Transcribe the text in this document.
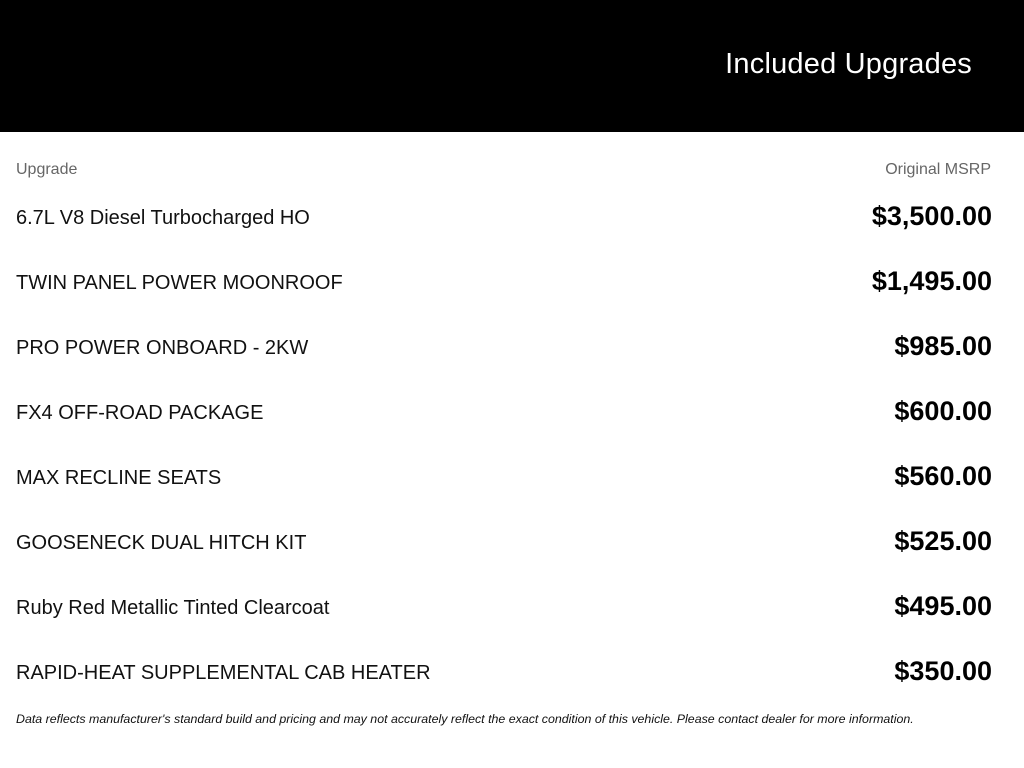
Included Upgrades
Upgrade	Original MSRP
6.7L V8 Diesel Turbocharged HO	$3,500.00
TWIN PANEL POWER MOONROOF	$1,495.00
PRO POWER ONBOARD - 2KW	$985.00
FX4 OFF-ROAD PACKAGE	$600.00
MAX RECLINE SEATS	$560.00
GOOSENECK DUAL HITCH KIT	$525.00
Ruby Red Metallic Tinted Clearcoat	$495.00
RAPID-HEAT SUPPLEMENTAL CAB HEATER	$350.00
Data reflects manufacturer's standard build and pricing and may not accurately reflect the exact condition of this vehicle. Please contact dealer for more information.
